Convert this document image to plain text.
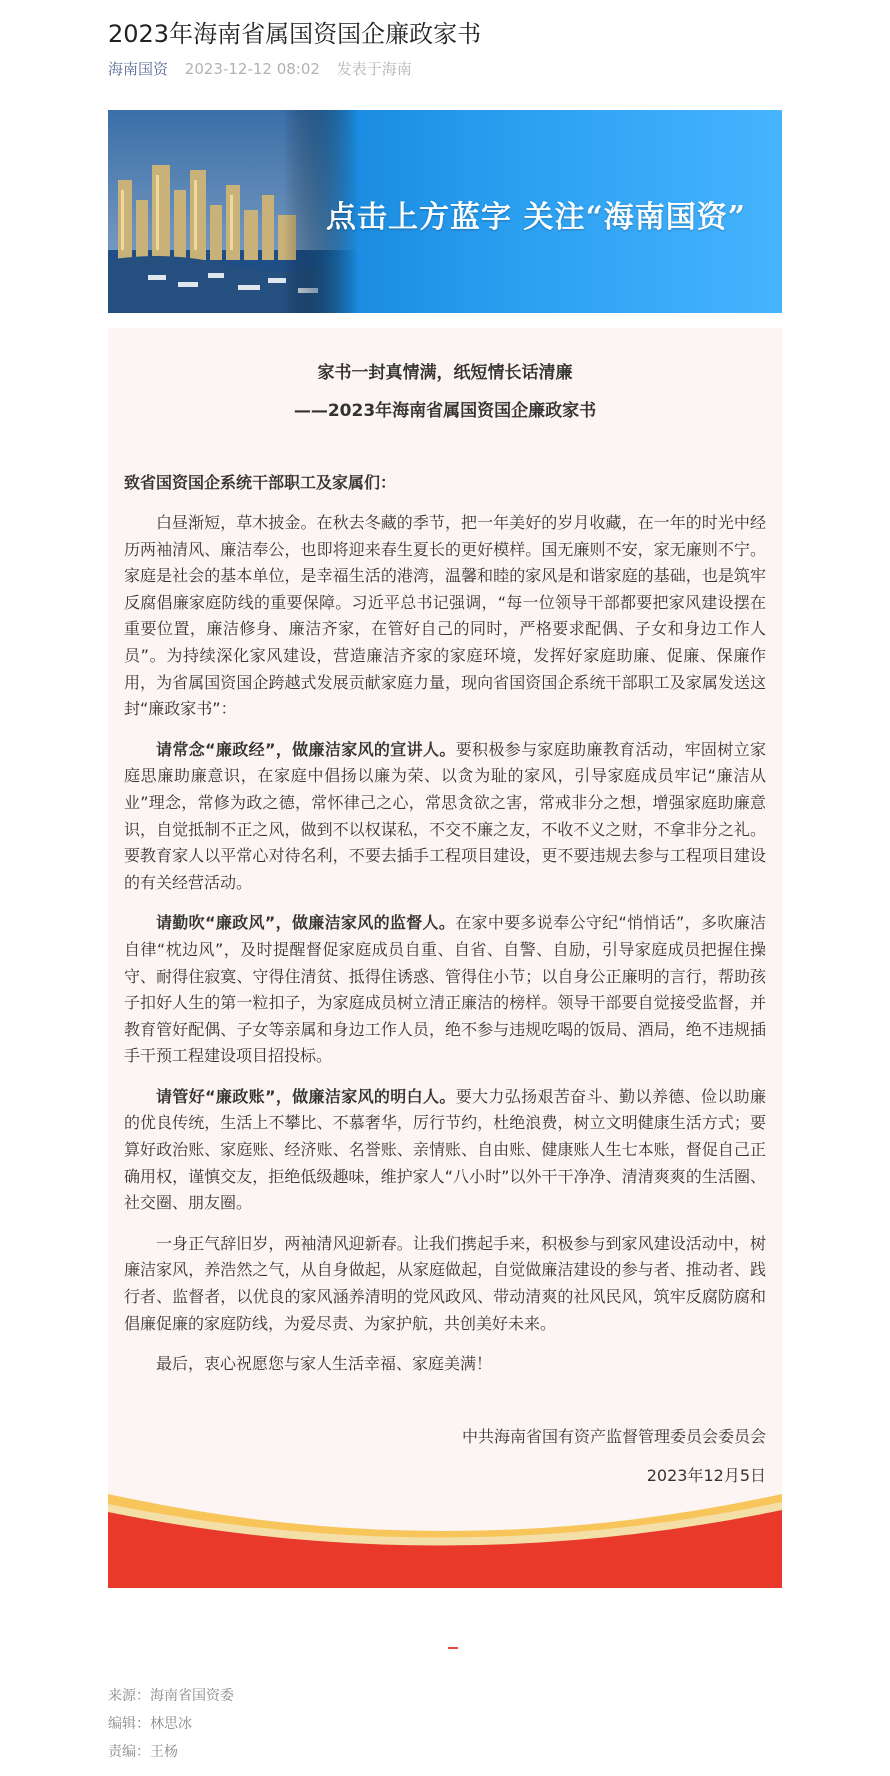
2023年海南省属国资国企廉政家书
海南国资 2023-12-12 08:02 发表于海南
点击上方蓝字 关注“海南国资”
家书一封真情满，纸短情长话清廉
——2023年海南省属国资国企廉政家书
致省国资国企系统干部职工及家属们：

白昼渐短，草木披金。在秋去冬藏的季节，把一年美好的岁月收藏，在一年的时光中经历两袖清风、廉洁奉公，也即将迎来春生夏长的更好模样。国无廉则不安，家无廉则不宁。家庭是社会的基本单位，是幸福生活的港湾，温馨和睦的家风是和谐家庭的基础，也是筑牢反腐倡廉家庭防线的重要保障。习近平总书记强调，“每一位领导干部都要把家风建设摆在重要位置，廉洁修身、廉洁齐家，在管好自己的同时，严格要求配偶、子女和身边工作人员”。为持续深化家风建设，营造廉洁齐家的家庭环境，发挥好家庭助廉、促廉、保廉作用，为省属国资国企跨越式发展贡献家庭力量，现向省国资国企系统干部职工及家属发送这封“廉政家书”：

请常念“廉政经”，做廉洁家风的宣讲人。要积极参与家庭助廉教育活动，牢固树立家庭思廉助廉意识，在家庭中倡扬以廉为荣、以贪为耻的家风，引导家庭成员牢记“廉洁从业”理念，常修为政之德，常怀律己之心，常思贪欲之害，常戒非分之想，增强家庭助廉意识，自觉抵制不正之风，做到不以权谋私，不交不廉之友，不收不义之财，不拿非分之礼。要教育家人以平常心对待名利，不要去插手工程项目建设，更不要违规去参与工程项目建设的有关经营活动。

请勤吹“廉政风”，做廉洁家风的监督人。在家中要多说奉公守纪“悄悄话”，多吹廉洁自律“枕边风”，及时提醒督促家庭成员自重、自省、自警、自励，引导家庭成员把握住操守、耐得住寂寞、守得住清贫、抵得住诱惑、管得住小节；以自身公正廉明的言行，帮助孩子扣好人生的第一粒扣子，为家庭成员树立清正廉洁的榜样。领导干部要自觉接受监督，并教育管好配偶、子女等亲属和身边工作人员，绝不参与违规吃喝的饭局、酒局，绝不违规插手干预工程建设项目招投标。

请管好“廉政账”，做廉洁家风的明白人。要大力弘扬艰苦奋斗、勤以养德、俭以助廉的优良传统，生活上不攀比、不慕奢华，厉行节约，杜绝浪费，树立文明健康生活方式；要算好政治账、家庭账、经济账、名誉账、亲情账、自由账、健康账人生七本账，督促自己正确用权，谨慎交友，拒绝低级趣味，维护家人“八小时”以外干干净净、清清爽爽的生活圈、社交圈、朋友圈。

一身正气辞旧岁，两袖清风迎新春。让我们携起手来，积极参与到家风建设活动中，树廉洁家风，养浩然之气，从自身做起，从家庭做起，自觉做廉洁建设的参与者、推动者、践行者、监督者，以优良的家风涵养清明的党风政风、带动清爽的社风民风，筑牢反腐防腐和倡廉促廉的家庭防线，为爱尽责、为家护航，共创美好未来。

最后，衷心祝愿您与家人生活幸福、家庭美满！

中共海南省国有资产监督管理委员会委员会
2023年12月5日
来源：海南省国资委
编辑：林思冰
责编：王杨
